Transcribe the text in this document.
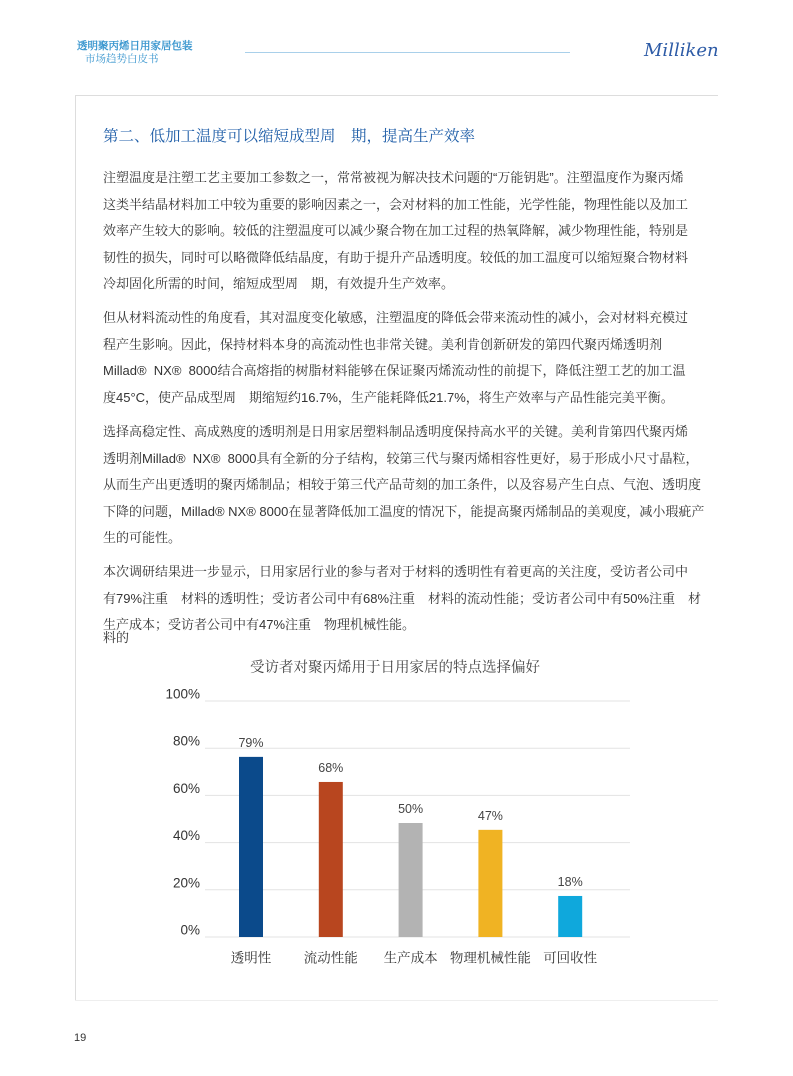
透明聚丙烯日用家居包装
市场趋势白皮书	Milliken
第二、低加工温度可以缩短成型周　期，提高生产效率
注塑温度是注塑工艺主要加工参数之一，常常被视为解决技术问题的“万能钥匙”。注塑温度作为聚丙烯
这类半结晶材料加工中较为重要的影响因素之一，会对材料的加工性能，光学性能，物理性能以及加工
效率产生较大的影响。较低的注塑温度可以减少聚合物在加工过程的热氧降解，减少物理性能，特别是
韧性的损失，同时可以略微降低结晶度，有助于提升产品透明度。较低的加工温度可以缩短聚合物材料
冷却固化所需的时间，缩短成型周　期，有效提升生产效率。
但从材料流动性的角度看，其对温度变化敏感，注塑温度的降低会带来流动性的减小，会对材料充模过
程产生影响。因此，保持材料本身的高流动性也非常关键。美利肯创新研发的第四代聚丙烯透明剂
Millad®  NX®  8000结合高熔指的树脂材料能够在保证聚丙烯流动性的前提下，降低注塑工艺的加工温
度45°C，使产品成型周　期缩短约16.7%，生产能耗降低21.7%，将生产效率与产品性能完美平衡。
选择高稳定性、高成熟度的透明剂是日用家居塑料制品透明度保持高水平的关键。美利肯第四代聚丙烯
透明剂Millad®  NX®  8000具有全新的分子结构，较第三代与聚丙烯相容性更好，易于形成小尺寸晶粒，
从而生产出更透明的聚丙烯制品；相较于第三代产品苛刻的加工条件，以及容易产生白点、气泡、透明度
下降的问题，Millad® NX® 8000在显著降低加工温度的情况下，能提高聚丙烯制品的美观度，减小瑕疵产
生的可能性。
本次调研结果进一步显示，日用家居行业的参与者对于材料的透明性有着更高的关注度，受访者公司中
有79%注重　材料的透明性；受访者公司中有68%注重　材料的流动性能；受访者公司中有50%注重　材
生产成本；受访者公司中有47%注重　物理机械性能。
料的
受访者对聚丙烯用于日用家居的特点选择偏好
0%
20%
40%
60%
80%
100%
79%
透明性
68%
流动性能
50%
生产成本
47%
物理机械性能
18%
可回收性
19
